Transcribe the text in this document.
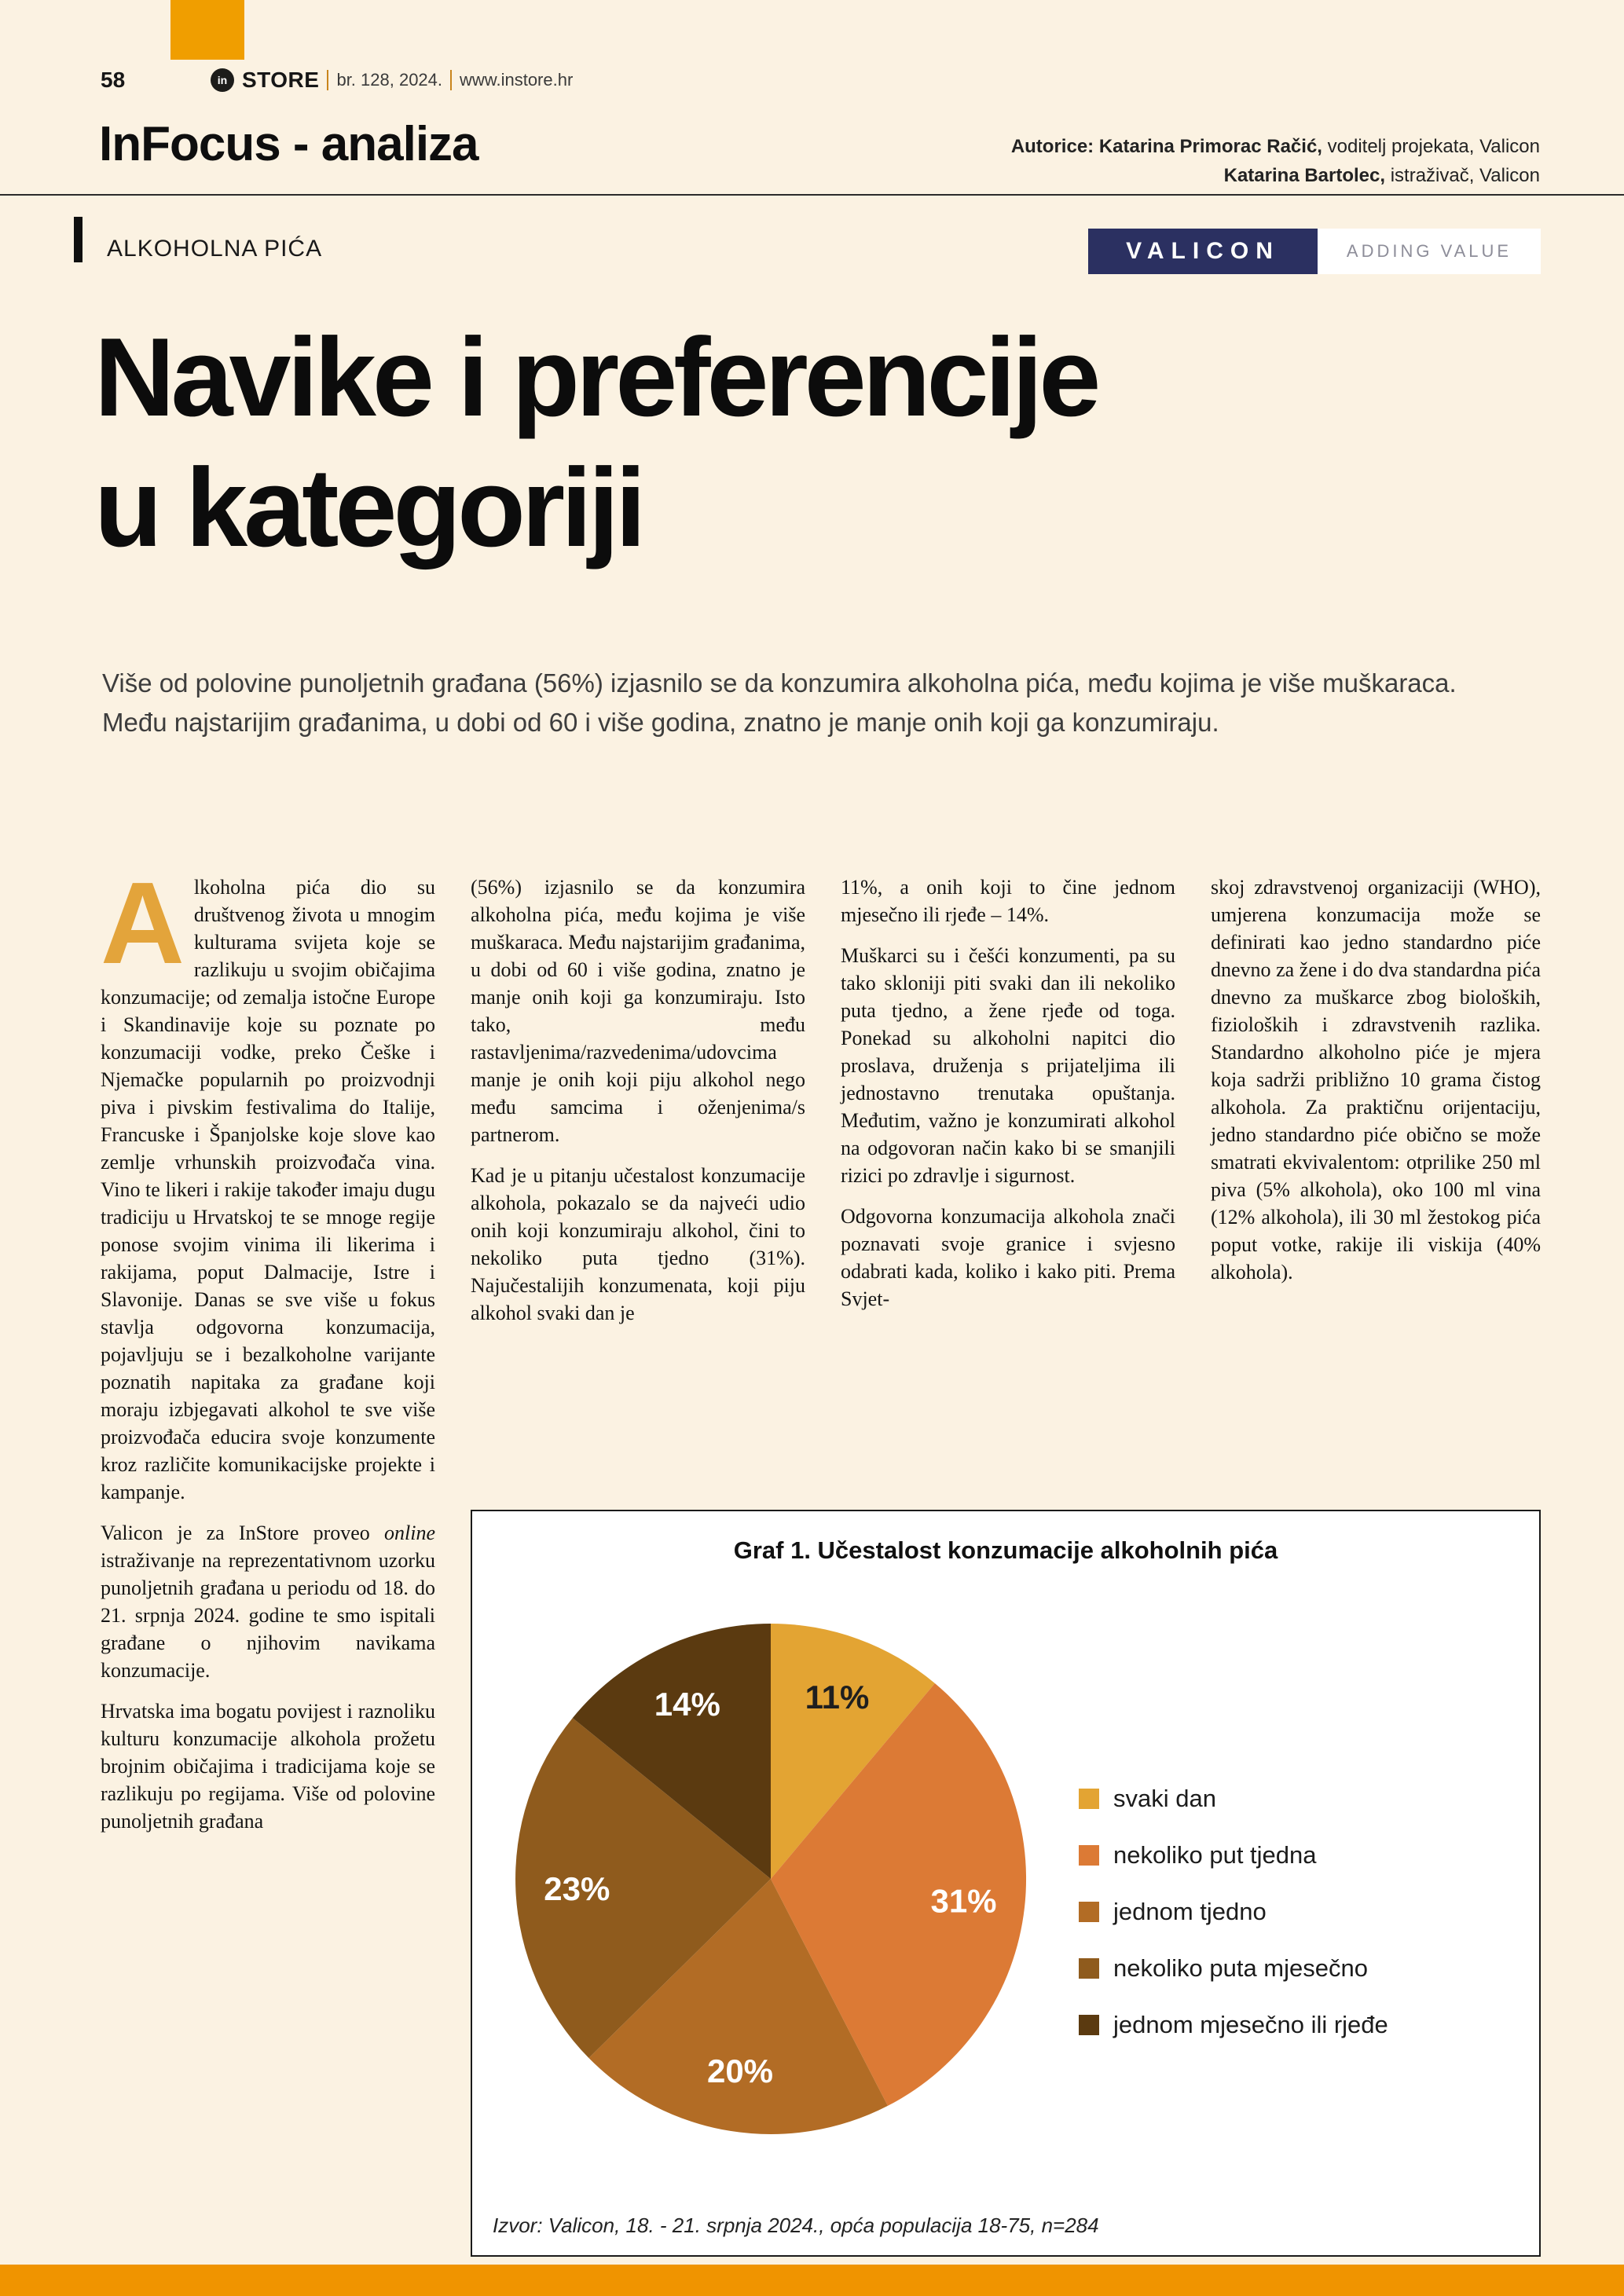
58	in STORE br. 128, 2024. www.instore.hr
InFocus - analiza	Autorice: Katarina Primorac Račić, voditelj projekata, Valicon
Katarina Bartolec, istraživač, Valicon
ALKOHOLNA PIĆA	VALICON	ADDING VALUE
Navike i preferencije
u kategoriji
Više od polovine punoljetnih građana (56%) izjasnilo se da konzumira alkoholna pića, među kojima je više muškaraca. Među najstarijim građanima, u dobi od 60 i više godina, znatno je manje onih koji ga konzumiraju.

Alkoholna pića dio su društvenog života u mnogim kulturama svijeta koje se razlikuju u svojim običajima konzumacije; od zemalja istočne Europe i Skandinavije koje su poznate po konzumaciji vodke, preko Češke i Njemačke popularnih po proizvodnji piva i pivskim festivalima do Italije, Francuske i Španjolske koje slove kao zemlje vrhunskih proizvođača vina. Vino te likeri i rakije također imaju dugu tradiciju u Hrvatskoj te se mnoge regije ponose svojim vinima ili likerima i rakijama, poput Dalmacije, Istre i Slavonije. Danas se sve više u fokus stavlja odgovorna konzumacija, pojavljuju se i bezalkoholne varijante poznatih napitaka za građane koji moraju izbjegavati alkohol te sve više proizvođača educira svoje konzumente kroz različite komunikacijske projekte i kampanje.

Valicon je za InStore proveo online istraživanje na reprezentativnom uzorku punoljetnih građana u periodu od 18. do 21. srpnja 2024. godine te smo ispitali građane o njihovim navikama konzumacije.

Hrvatska ima bogatu povijest i raznoliku kulturu konzumacije alkohola prožetu brojnim običajima i tradicijama koje se razlikuju po regijama. Više od polovine punoljetnih građana

(56%) izjasnilo se da konzumira alkoholna pića, među kojima je više muškaraca. Među najstarijim građanima, u dobi od 60 i više godina, znatno je manje onih koji ga konzumiraju. Isto tako, među rastavljenima/razvedenima/udovcima manje je onih koji piju alkohol nego među samcima i oženjenima/s partnerom.

Kad je u pitanju učestalost konzumacije alkohola, pokazalo se da najveći udio onih koji konzumiraju alkohol, čini to nekoliko puta tjedno (31%). Najučestalijih konzumenata, koji piju alkohol svaki dan je

11%, a onih koji to čine jednom mjesečno ili rjeđe – 14%.

Muškarci su i češći konzumenti, pa su tako skloniji piti svaki dan ili nekoliko puta tjedno, a žene rjeđe od toga. Ponekad su alkoholni napitci dio proslava, druženja s prijateljima ili jednostavno trenutaka opuštanja. Međutim, važno je konzumirati alkohol na odgovoran način kako bi se smanjili rizici po zdravlje i sigurnost.

Odgovorna konzumacija alkohola znači poznavati svoje granice i svjesno odabrati kada, koliko i kako piti. Prema Svjet-

skoj zdravstvenoj organizaciji (WHO), umjerena konzumacija može se definirati kao jedno standardno piće dnevno za žene i do dva standardna pića dnevno za muškarce zbog bioloških, fizioloških i zdravstvenih razlika. Standardno alkoholno piće je mjera koja sadrži približno 10 grama čistog alkohola. Za praktičnu orijentaciju, jedno standardno piće obično se može smatrati ekvivalentom: otprilike 250 ml piva (5% alkohola), oko 100 ml vina (12% alkohola), ili 30 ml žestokog pića poput votke, rakije ili viskija (40% alkohola).

Graf 1. Učestalost konzumacije alkoholnih pića
11%
31%
20%
23%
14%
svaki dan
nekoliko put tjedna
jednom tjedno
nekoliko puta mjesečno
jednom mjesečno ili rjeđe
Izvor: Valicon, 18. - 21. srpnja 2024., opća populacija 18-75, n=284
